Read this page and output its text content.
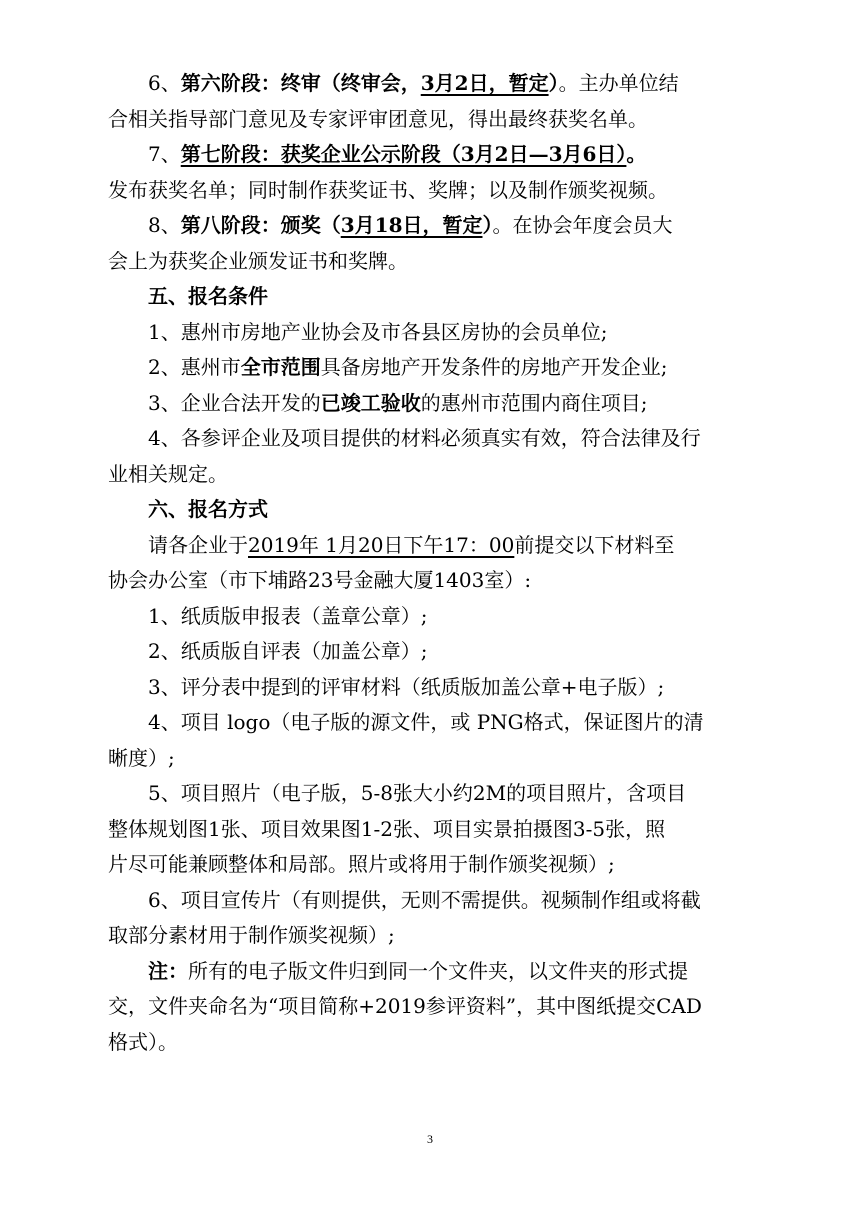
6、第六阶段：终审（终审会，3月2日，暂定）。主办单位结
合相关指导部门意见及专家评审团意见，得出最终获奖名单。
7、第七阶段：获奖企业公示阶段（3月2日—3月6日）。
发布获奖名单；同时制作获奖证书、奖牌；以及制作颁奖视频。
8、第八阶段：颁奖（3月18日，暂定）。在协会年度会员大
会上为获奖企业颁发证书和奖牌。
五、报名条件
1、惠州市房地产业协会及市各县区房协的会员单位;
2、惠州市全市范围具备房地产开发条件的房地产开发企业;
3、企业合法开发的已竣工验收的惠州市范围内商住项目;
4、各参评企业及项目提供的材料必须真实有效，符合法律及行
业相关规定。
六、报名方式
请各企业于2019年 1月20日下午17：00前提交以下材料至
协会办公室（市下埔路23号金融大厦1403室）:
1、纸质版申报表（盖章公章）;
2、纸质版自评表（加盖公章）;
3、评分表中提到的评审材料（纸质版加盖公章+电子版）;
4、项目 logo（电子版的源文件，或 PNG格式，保证图片的清
晰度）;
5、项目照片（电子版，5-8张大小约2M的项目照片，含项目
整体规划图1张、项目效果图1-2张、项目实景拍摄图3-5张，照
片尽可能兼顾整体和局部。照片或将用于制作颁奖视频）;
6、项目宣传片（有则提供，无则不需提供。视频制作组或将截
取部分素材用于制作颁奖视频）;
注：所有的电子版文件归到同一个文件夹，以文件夹的形式提
交，文件夹命名为“项目简称+2019参评资料”，其中图纸提交CAD
格式）。
3
